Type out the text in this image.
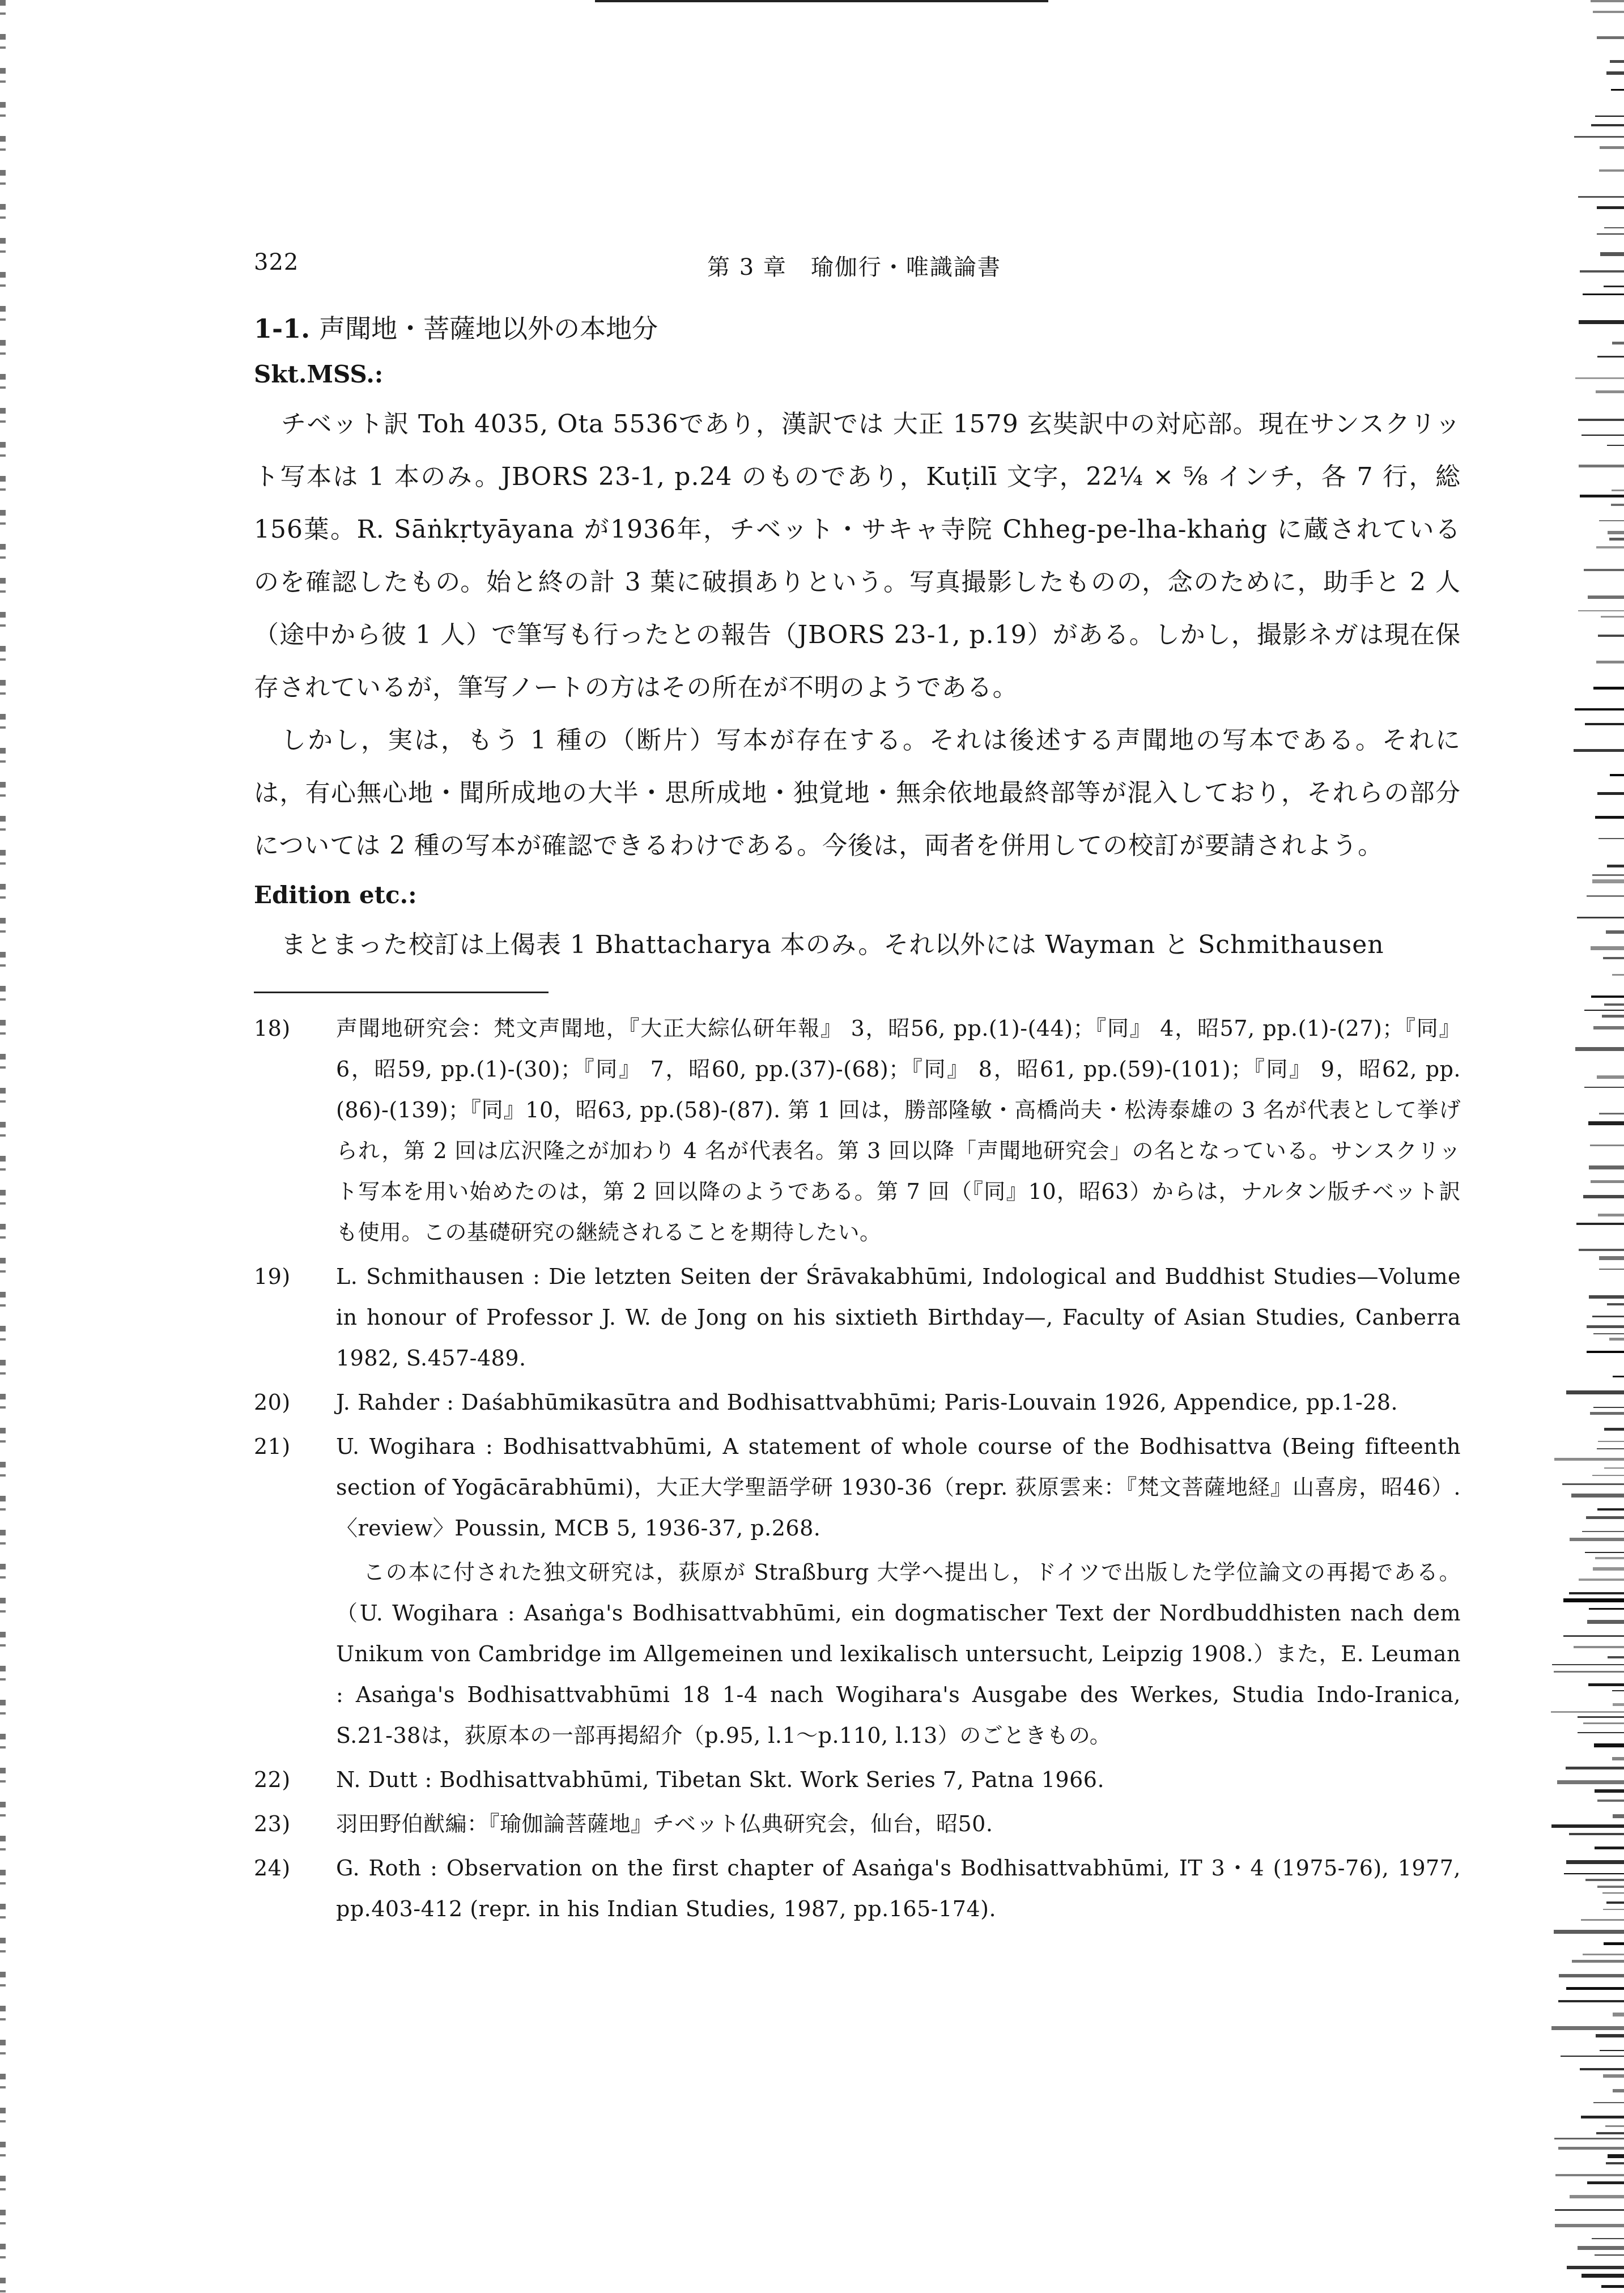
322	第 3 章　瑜伽行・唯識論書
1-1. 声聞地・菩薩地以外の本地分
Skt.MSS.:

チベット訳 Toh 4035, Ota 5536であり，漢訳では 大正 1579 玄奘訳中の対応部。現在サンスクリット写本は 1 本のみ。JBORS 23-1, p.24 のものであり，Kuṭilī 文字，22¼ × ⅝ インチ，各 7 行，総156葉。R. Sāṅkṛtyāyana が1936年，チベット・サキャ寺院 Chheg-pe-lha-khaṅg に蔵されているのを確認したもの。始と終の計 3 葉に破損ありという。写真撮影したものの，念のために，助手と 2 人（途中から彼 1 人）で筆写も行ったとの報告（JBORS 23-1, p.19）がある。しかし，撮影ネガは現在保存されているが，筆写ノートの方はその所在が不明のようである。

しかし，実は，もう 1 種の（断片）写本が存在する。それは後述する声聞地の写本である。それには，有心無心地・聞所成地の大半・思所成地・独覚地・無余依地最終部等が混入しており，それらの部分については 2 種の写本が確認できるわけである。今後は，両者を併用しての校訂が要請されよう。

Edition etc.:

まとまった校訂は上偈表 1 Bhattacharya 本のみ。それ以外には Wayman と Schmithausen

18)	声聞地研究会：梵文声聞地，『大正大綜仏研年報』 3，昭56, pp.(1)-(44)；『同』 4，昭57, pp.(1)-(27)；『同』 6，昭59, pp.(1)-(30)；『同』 7，昭60, pp.(37)-(68)；『同』 8，昭61, pp.(59)-(101)；『同』 9，昭62, pp.(86)-(139)；『同』10，昭63, pp.(58)-(87). 第 1 回は，勝部隆敏・高橋尚夫・松涛泰雄の 3 名が代表として挙げられ，第 2 回は広沢隆之が加わり 4 名が代表名。第 3 回以降「声聞地研究会」の名となっている。サンスクリット写本を用い始めたのは，第 2 回以降のようである。第 7 回（『同』10，昭63）からは，ナルタン版チベット訳も使用。この基礎研究の継続されることを期待したい。
19)	L. Schmithausen : Die letzten Seiten der Śrāvakabhūmi, Indological and Buddhist Studies—Volume in honour of Professor J. W. de Jong on his sixtieth Birthday—, Faculty of Asian Studies, Canberra 1982, S.457-489.
20)	J. Rahder : Daśabhūmikasūtra and Bodhisattvabhūmi; Paris-Louvain 1926, Appendice, pp.1-28.
21)	U. Wogihara : Bodhisattvabhūmi, A statement of whole course of the Bodhisattva (Being fifteenth section of Yogācārabhūmi)，大正大学聖語学研 1930-36（repr. 荻原雲来：『梵文菩薩地経』山喜房，昭46）.〈review〉Poussin, MCB 5, 1936-37, p.268.
この本に付された独文研究は，荻原が Straßburg 大学へ提出し，ドイツで出版した学位論文の再掲である。（U. Wogihara : Asaṅga's Bodhisattvabhūmi, ein dogmatischer Text der Nordbuddhisten nach dem Unikum von Cambridge im Allgemeinen und lexikalisch untersucht, Leipzig 1908.）また，E. Leuman : Asaṅga's Bodhisattvabhūmi 18 1-4 nach Wogihara's Ausgabe des Werkes, Studia Indo-Iranica, S.21-38は，荻原本の一部再掲紹介（p.95, l.1～p.110, l.13）のごときもの。
22)	N. Dutt : Bodhisattvabhūmi, Tibetan Skt. Work Series 7, Patna 1966.
23)	羽田野伯猷編：『瑜伽論菩薩地』チベット仏典研究会，仙台，昭50.
24)	G. Roth : Observation on the first chapter of Asaṅga's Bodhisattvabhūmi, IT 3・4 (1975-76), 1977, pp.403-412 (repr. in his Indian Studies, 1987, pp.165-174).
